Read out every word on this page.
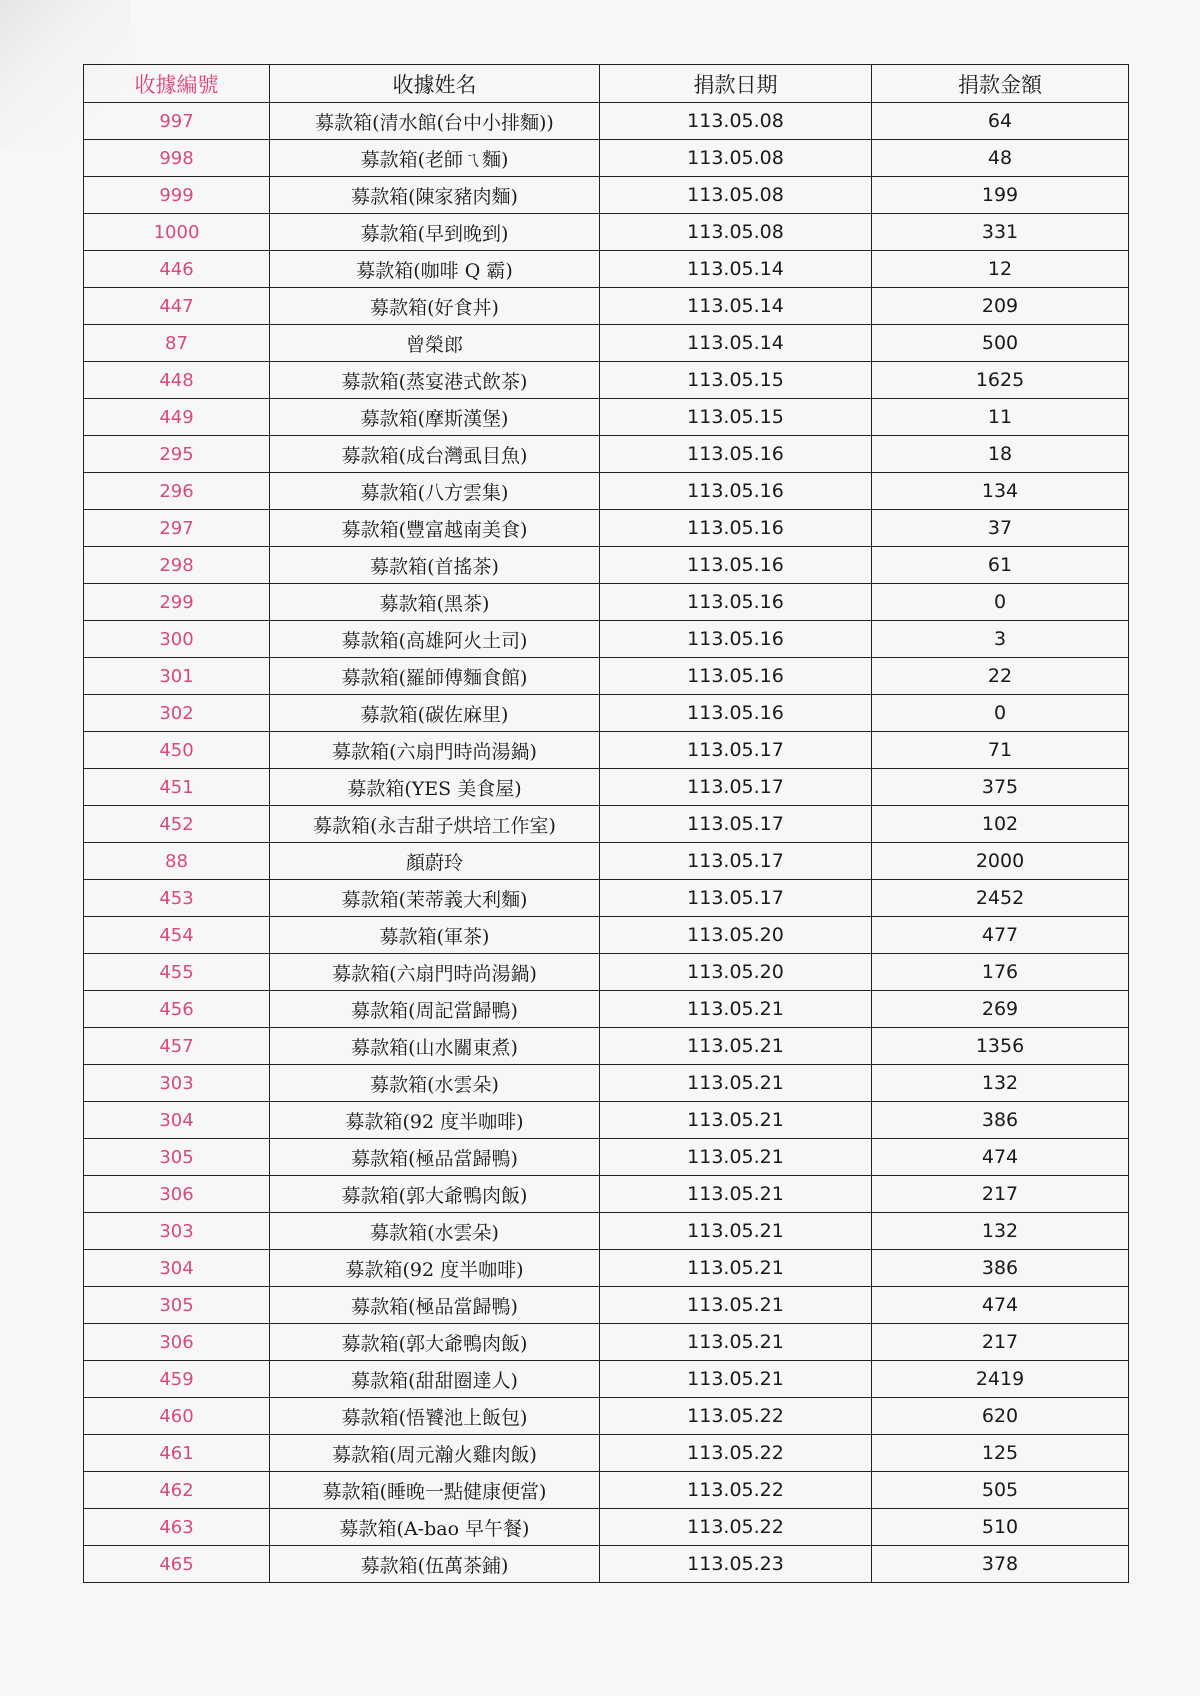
收據編號	收據姓名	捐款日期	捐款金額
997	募款箱(清水館(台中小排麵))	113.05.08	64
998	募款箱(老師ㄟ麵)	113.05.08	48
999	募款箱(陳家豬肉麵)	113.05.08	199
1000	募款箱(早到晚到)	113.05.08	331
446	募款箱(咖啡 Q 霸)	113.05.14	12
447	募款箱(好食丼)	113.05.14	209
87	曾榮郎	113.05.14	500
448	募款箱(蒸宴港式飲茶)	113.05.15	1625
449	募款箱(摩斯漢堡)	113.05.15	11
295	募款箱(成台灣虱目魚)	113.05.16	18
296	募款箱(八方雲集)	113.05.16	134
297	募款箱(豐富越南美食)	113.05.16	37
298	募款箱(首搖茶)	113.05.16	61
299	募款箱(黑茶)	113.05.16	0
300	募款箱(高雄阿火土司)	113.05.16	3
301	募款箱(羅師傅麵食館)	113.05.16	22
302	募款箱(碳佐麻里)	113.05.16	0
450	募款箱(六扇門時尚湯鍋)	113.05.17	71
451	募款箱(YES 美食屋)	113.05.17	375
452	募款箱(永吉甜子烘培工作室)	113.05.17	102
88	顏蔚玲	113.05.17	2000
453	募款箱(茉蒂義大利麵)	113.05.17	2452
454	募款箱(軍茶)	113.05.20	477
455	募款箱(六扇門時尚湯鍋)	113.05.20	176
456	募款箱(周記當歸鴨)	113.05.21	269
457	募款箱(山水關東煮)	113.05.21	1356
303	募款箱(水雲朵)	113.05.21	132
304	募款箱(92 度半咖啡)	113.05.21	386
305	募款箱(極品當歸鴨)	113.05.21	474
306	募款箱(郭大爺鴨肉飯)	113.05.21	217
303	募款箱(水雲朵)	113.05.21	132
304	募款箱(92 度半咖啡)	113.05.21	386
305	募款箱(極品當歸鴨)	113.05.21	474
306	募款箱(郭大爺鴨肉飯)	113.05.21	217
459	募款箱(甜甜圈達人)	113.05.21	2419
460	募款箱(悟饕池上飯包)	113.05.22	620
461	募款箱(周元瀚火雞肉飯)	113.05.22	125
462	募款箱(睡晚一點健康便當)	113.05.22	505
463	募款箱(A-bao 早午餐)	113.05.22	510
465	募款箱(伍萬茶鋪)	113.05.23	378
